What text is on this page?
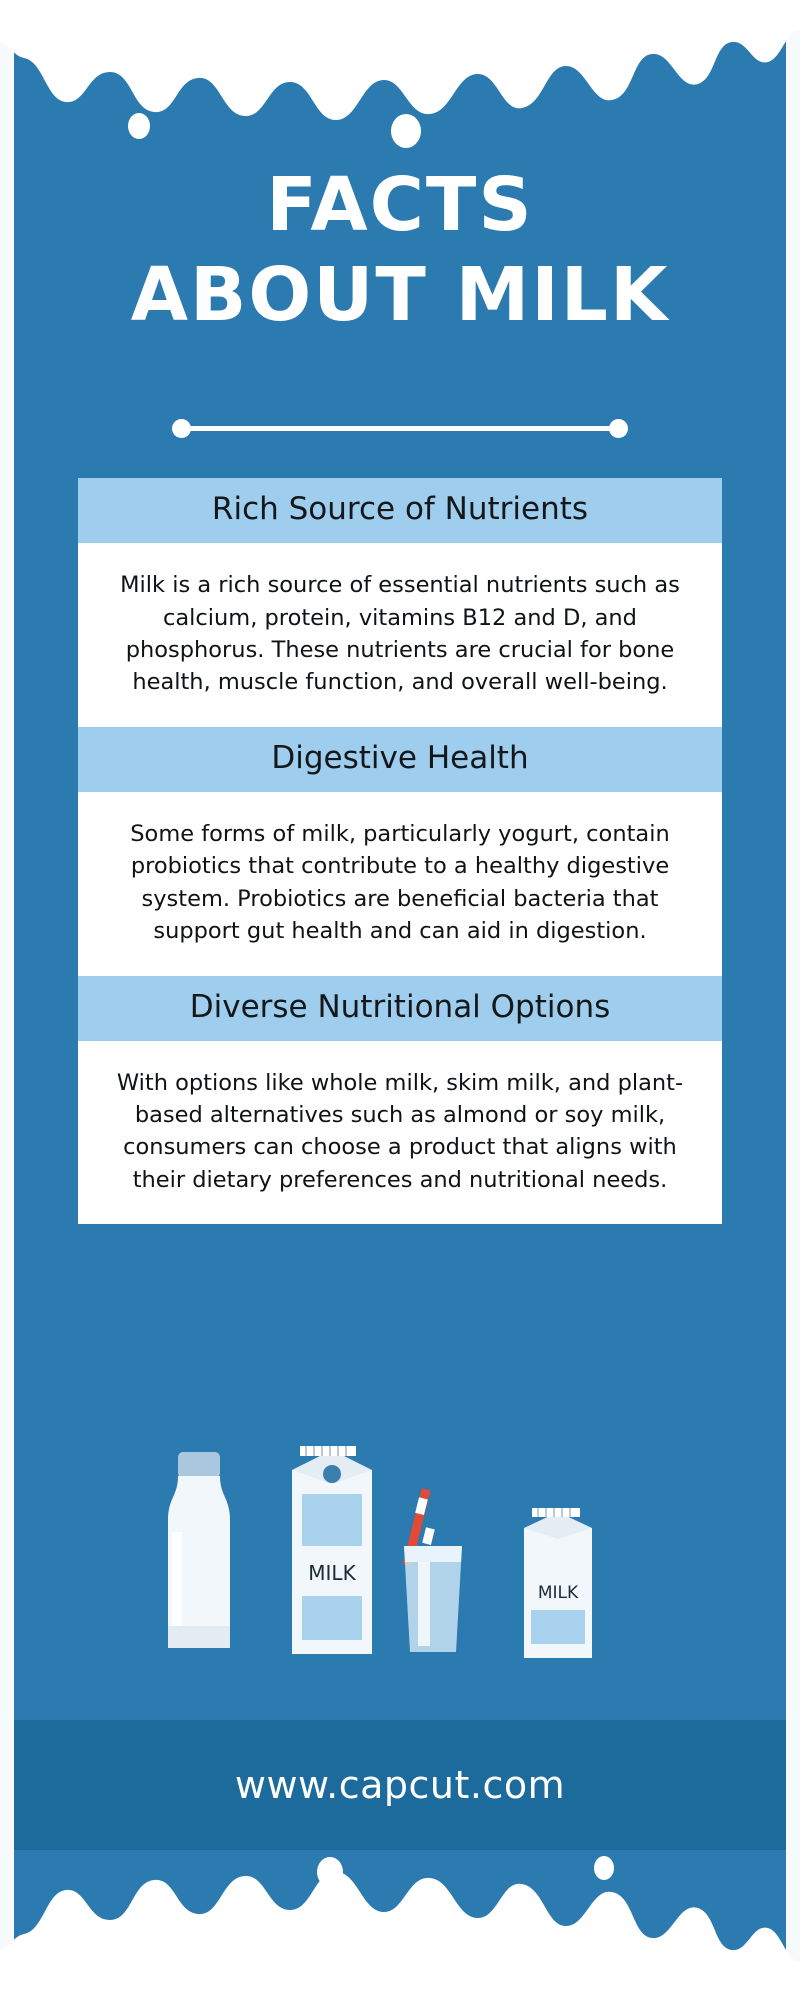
FACTS
ABOUT MILK
Rich Source of Nutrients
Milk is a rich source of essential nutrients such as calcium, protein, vitamins B12 and D, and phosphorus. These nutrients are crucial for bone health, muscle function, and overall well-being.
Digestive Health
Some forms of milk, particularly yogurt, contain probiotics that contribute to a healthy digestive system. Probiotics are beneficial bacteria that support gut health and can aid in digestion.
Diverse Nutritional Options
With options like whole milk, skim milk, and plant-based alternatives such as almond or soy milk, consumers can choose a product that aligns with their dietary preferences and nutritional needs.
MILK
MILK
www.capcut.com
